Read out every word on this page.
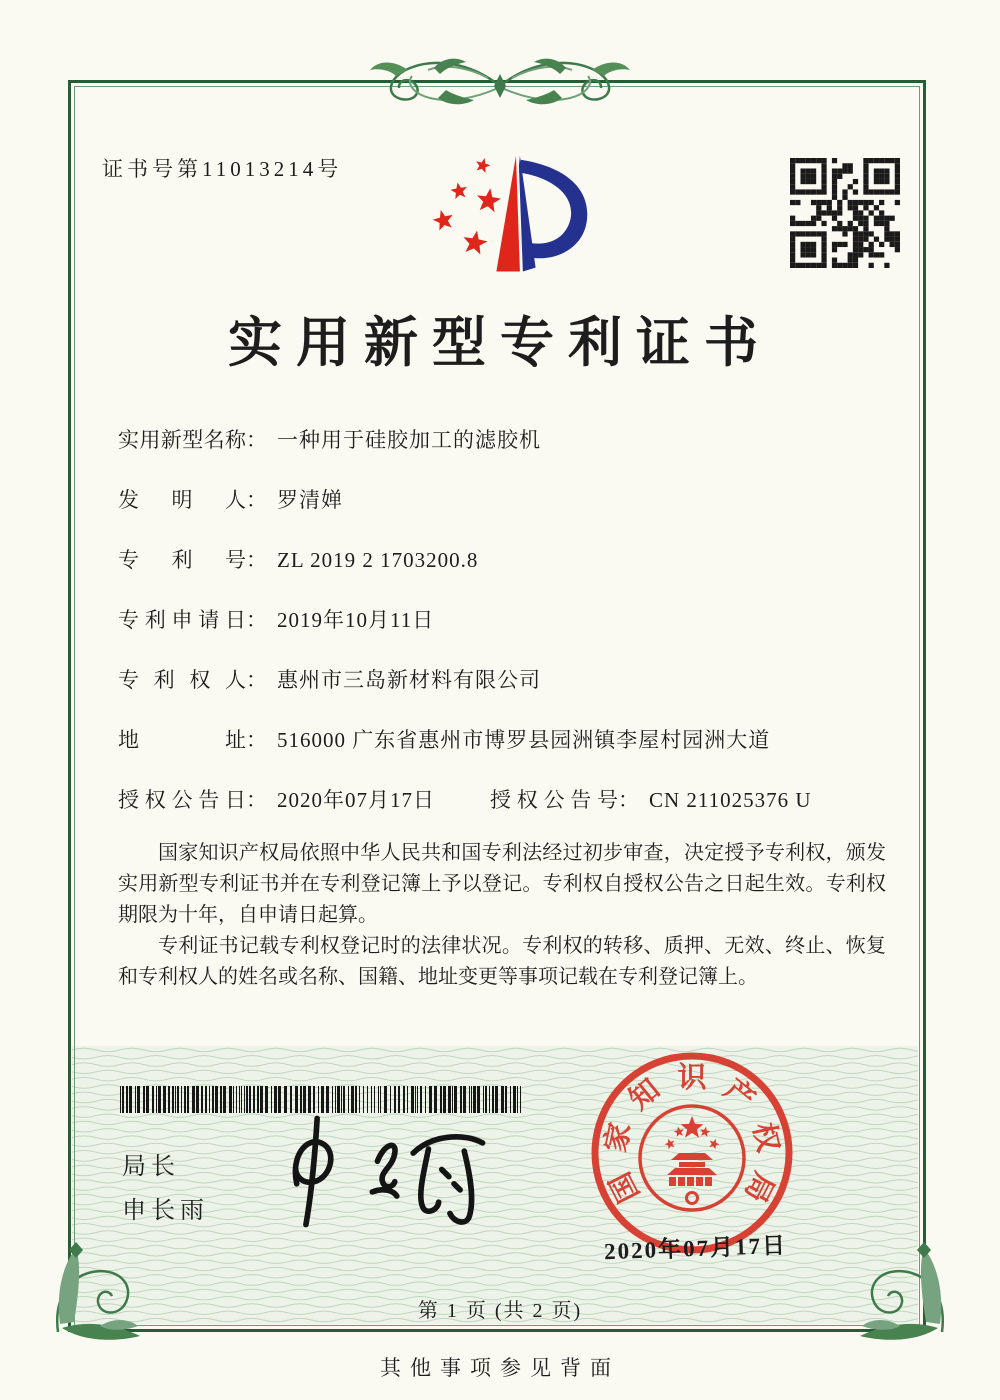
证书号第11013214号
实用新型专利证书
实用新型名称： 一种用于硅胶加工的滤胶机
发明人： 罗清婵
专利号： ZL 2019 2 1703200.8
专利申请日： 2019年10月11日
专利权人： 惠州市三岛新材料有限公司
地址： 516000 广东省惠州市博罗县园洲镇李屋村园洲大道
授权公告日： 2020年07月17日	授权公告号： CN 211025376 U

国家知识产权局依照中华人民共和国专利法经过初步审查，决定授予专利权，颁发实用新型专利证书并在专利登记簿上予以登记。专利权自授权公告之日起生效。专利权期限为十年，自申请日起算。

专利证书记载专利权登记时的法律状况。专利权的转移、质押、无效、终止、恢复和专利权人的姓名或名称、国籍、地址变更等事项记载在专利登记簿上。

局长
申长雨
国
家
知 识 产
权
局
2020年07月17日
第 1 页 (共 2 页)
其他事项参见背面
